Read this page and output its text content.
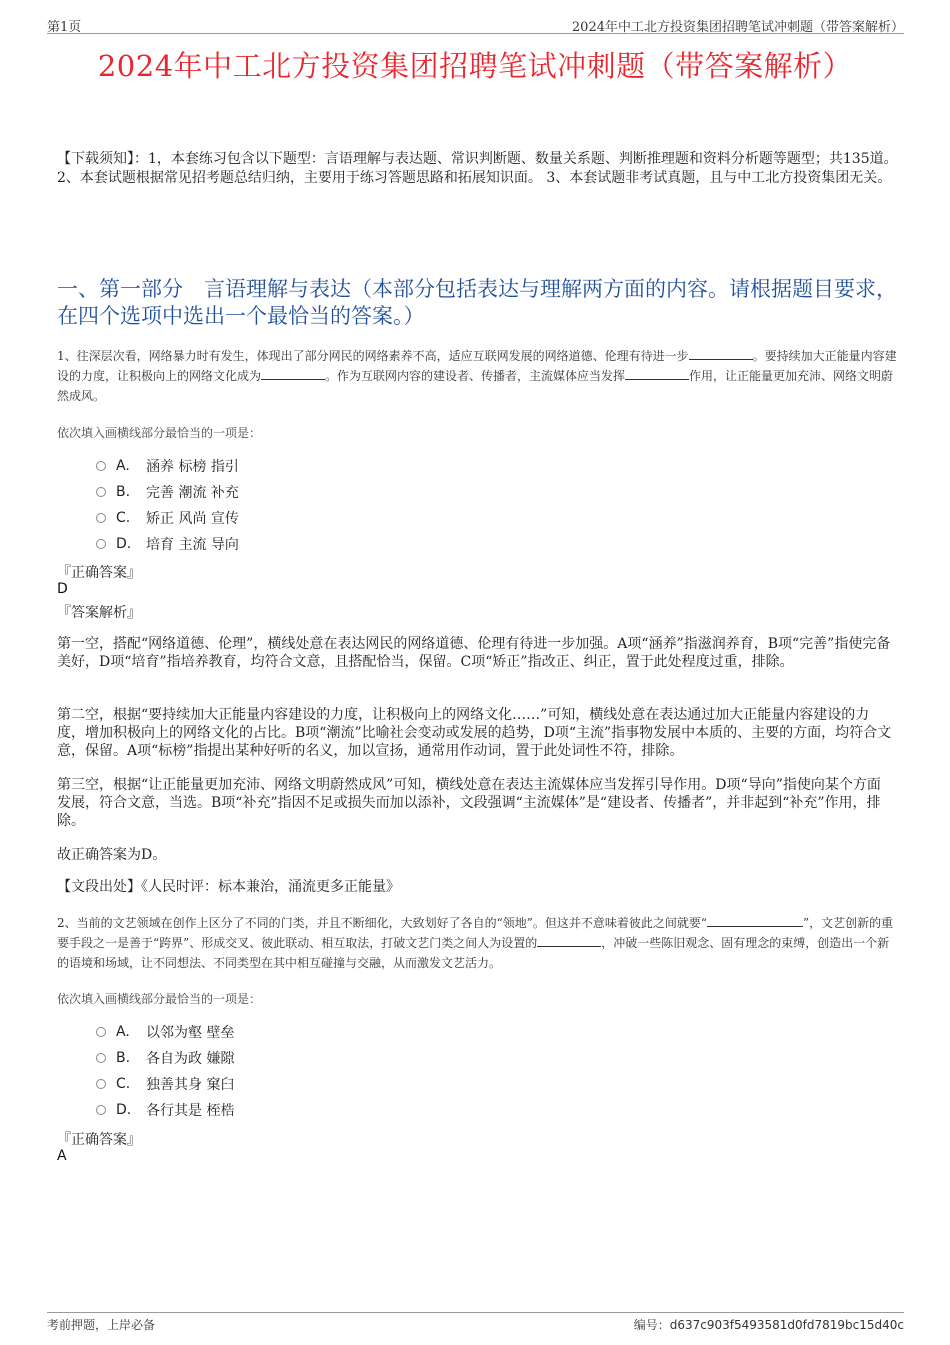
第1页	2024年中工北方投资集团招聘笔试冲刺题（带答案解析）
2024年中工北方投资集团招聘笔试冲刺题（带答案解析）
【下载须知】：1，本套练习包含以下题型：言语理解与表达题、常识判断题、数量关系题、判断推理题和资料分析题等题型；共135道。 2、本套试题根据常见招考题总结归纳，主要用于练习答题思路和拓展知识面。 3、本套试题非考试真题，且与中工北方投资集团无关。
一、第一部分　言语理解与表达（本部分包括表达与理解两方面的内容。请根据题目要求，在四个选项中选出一个最恰当的答案。）
1、往深层次看，网络暴力时有发生，体现出了部分网民的网络素养不高，适应互联网发展的网络道德、伦理有待进一步	。要持续加大正能量内容建设的力度，让积极向上的网络文化成为	。作为互联网内容的建设者、传播者，主流媒体应当发挥	作用，让正能量更加充沛、网络文明蔚然成风。
依次填入画横线部分最恰当的一项是：
A.	涵养 标榜 指引
B.	完善 潮流 补充
C.	矫正 风尚 宣传
D.	培育 主流 导向
『正确答案』
D
『答案解析』
第一空，搭配“网络道德、伦理”，横线处意在表达网民的网络道德、伦理有待进一步加强。A项“涵养”指滋润养育，B项“完善”指使完备美好，D项“培育”指培养教育，均符合文意，且搭配恰当，保留。C项“矫正”指改正、纠正，置于此处程度过重，排除。
第二空，根据“要持续加大正能量内容建设的力度，让积极向上的网络文化……”可知，横线处意在表达通过加大正能量内容建设的力度，增加积极向上的网络文化的占比。B项“潮流”比喻社会变动或发展的趋势，D项“主流”指事物发展中本质的、主要的方面，均符合文意，保留。A项“标榜”指提出某种好听的名义，加以宣扬，通常用作动词，置于此处词性不符，排除。
第三空，根据“让正能量更加充沛、网络文明蔚然成风”可知，横线处意在表达主流媒体应当发挥引导作用。D项“导向”指使向某个方面发展，符合文意，当选。B项“补充”指因不足或损失而加以添补，文段强调“主流媒体”是“建设者、传播者”，并非起到“补充”作用，排除。
故正确答案为D。
【文段出处】《人民时评：标本兼治，涌流更多正能量》
2、当前的文艺领域在创作上区分了不同的门类，并且不断细化，大致划好了各自的“领地”。但这并不意味着彼此之间就要“	”，文艺创新的重要手段之一是善于“跨界”、形成交叉、彼此联动、相互取法，打破文艺门类之间人为设置的	，冲破一些陈旧观念、固有理念的束缚，创造出一个新的语境和场域，让不同想法、不同类型在其中相互碰撞与交融，从而激发文艺活力。
依次填入画横线部分最恰当的一项是：
A.	以邻为壑 壁垒
B.	各自为政 嫌隙
C.	独善其身 窠臼
D.	各行其是 桎梏
『正确答案』
A
考前押题，上岸必备	编号：d637c903f5493581d0fd7819bc15d40c
